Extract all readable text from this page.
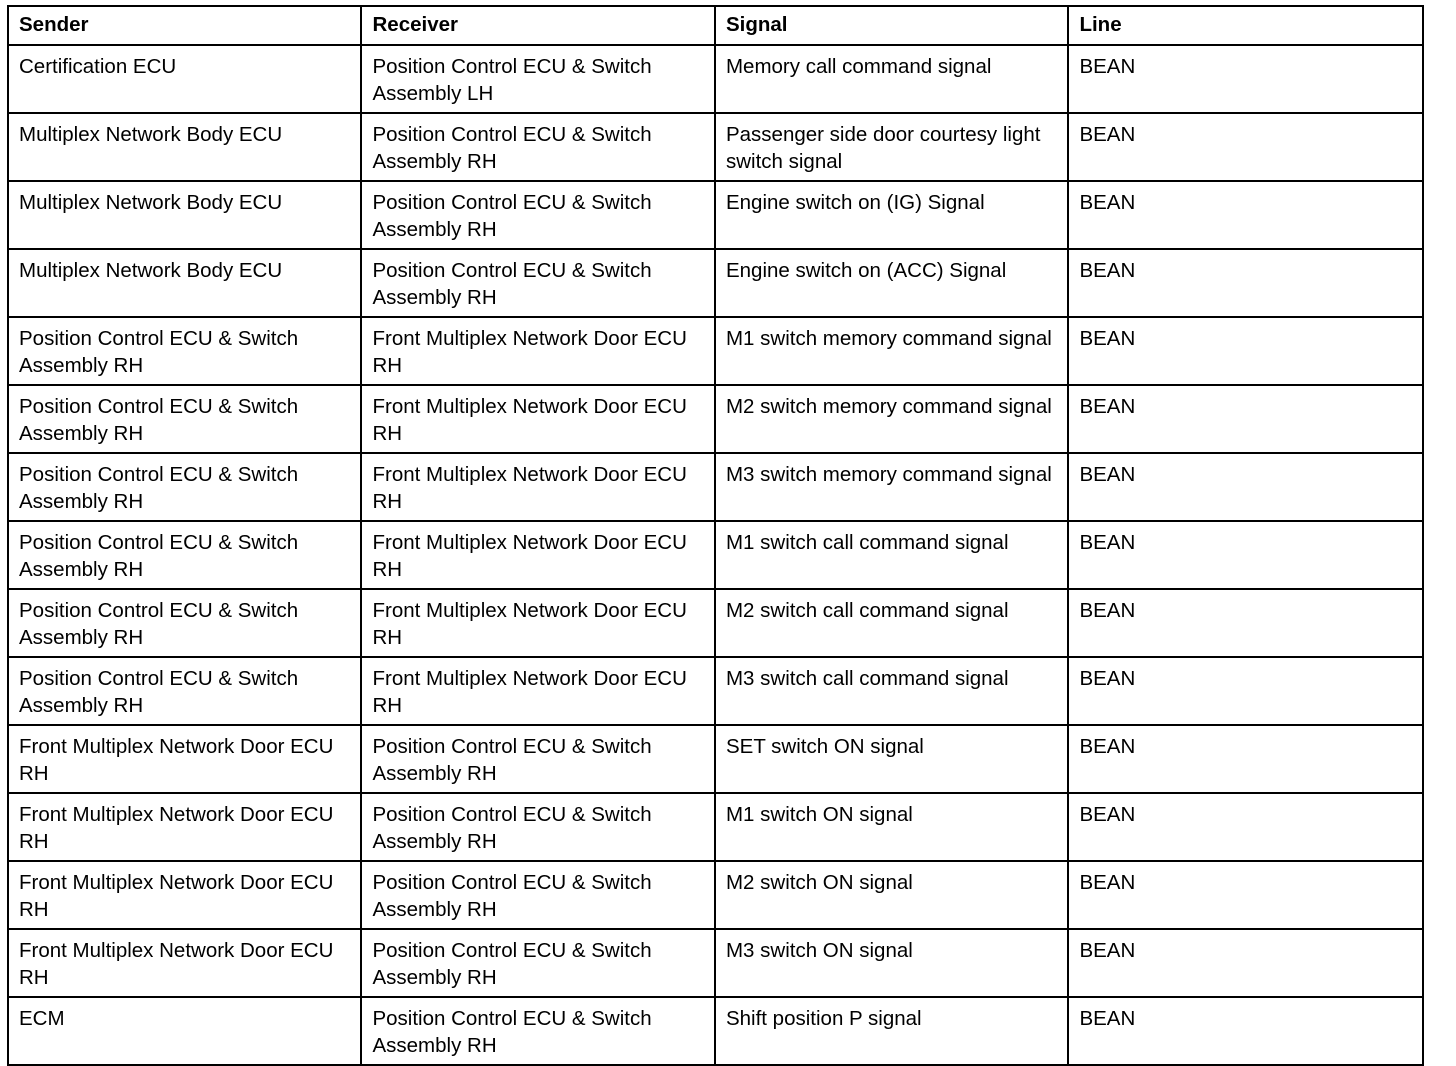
Sender	Receiver	Signal	Line
Certification ECU	Position Control ECU & Switch Assembly LH	Memory call command signal	BEAN
Multiplex Network Body ECU	Position Control ECU & Switch Assembly RH	Passenger side door courtesy light switch signal	BEAN
Multiplex Network Body ECU	Position Control ECU & Switch Assembly RH	Engine switch on (IG) Signal	BEAN
Multiplex Network Body ECU	Position Control ECU & Switch Assembly RH	Engine switch on (ACC) Signal	BEAN
Position Control ECU & Switch Assembly RH	Front Multiplex Network Door ECU RH	M1 switch memory command signal	BEAN
Position Control ECU & Switch Assembly RH	Front Multiplex Network Door ECU RH	M2 switch memory command signal	BEAN
Position Control ECU & Switch Assembly RH	Front Multiplex Network Door ECU RH	M3 switch memory command signal	BEAN
Position Control ECU & Switch Assembly RH	Front Multiplex Network Door ECU RH	M1 switch call command signal	BEAN
Position Control ECU & Switch Assembly RH	Front Multiplex Network Door ECU RH	M2 switch call command signal	BEAN
Position Control ECU & Switch Assembly RH	Front Multiplex Network Door ECU RH	M3 switch call command signal	BEAN
Front Multiplex Network Door ECU RH	Position Control ECU & Switch Assembly RH	SET switch ON signal	BEAN
Front Multiplex Network Door ECU RH	Position Control ECU & Switch Assembly RH	M1 switch ON signal	BEAN
Front Multiplex Network Door ECU RH	Position Control ECU & Switch Assembly RH	M2 switch ON signal	BEAN
Front Multiplex Network Door ECU RH	Position Control ECU & Switch Assembly RH	M3 switch ON signal	BEAN
ECM	Position Control ECU & Switch Assembly RH	Shift position P signal	BEAN
